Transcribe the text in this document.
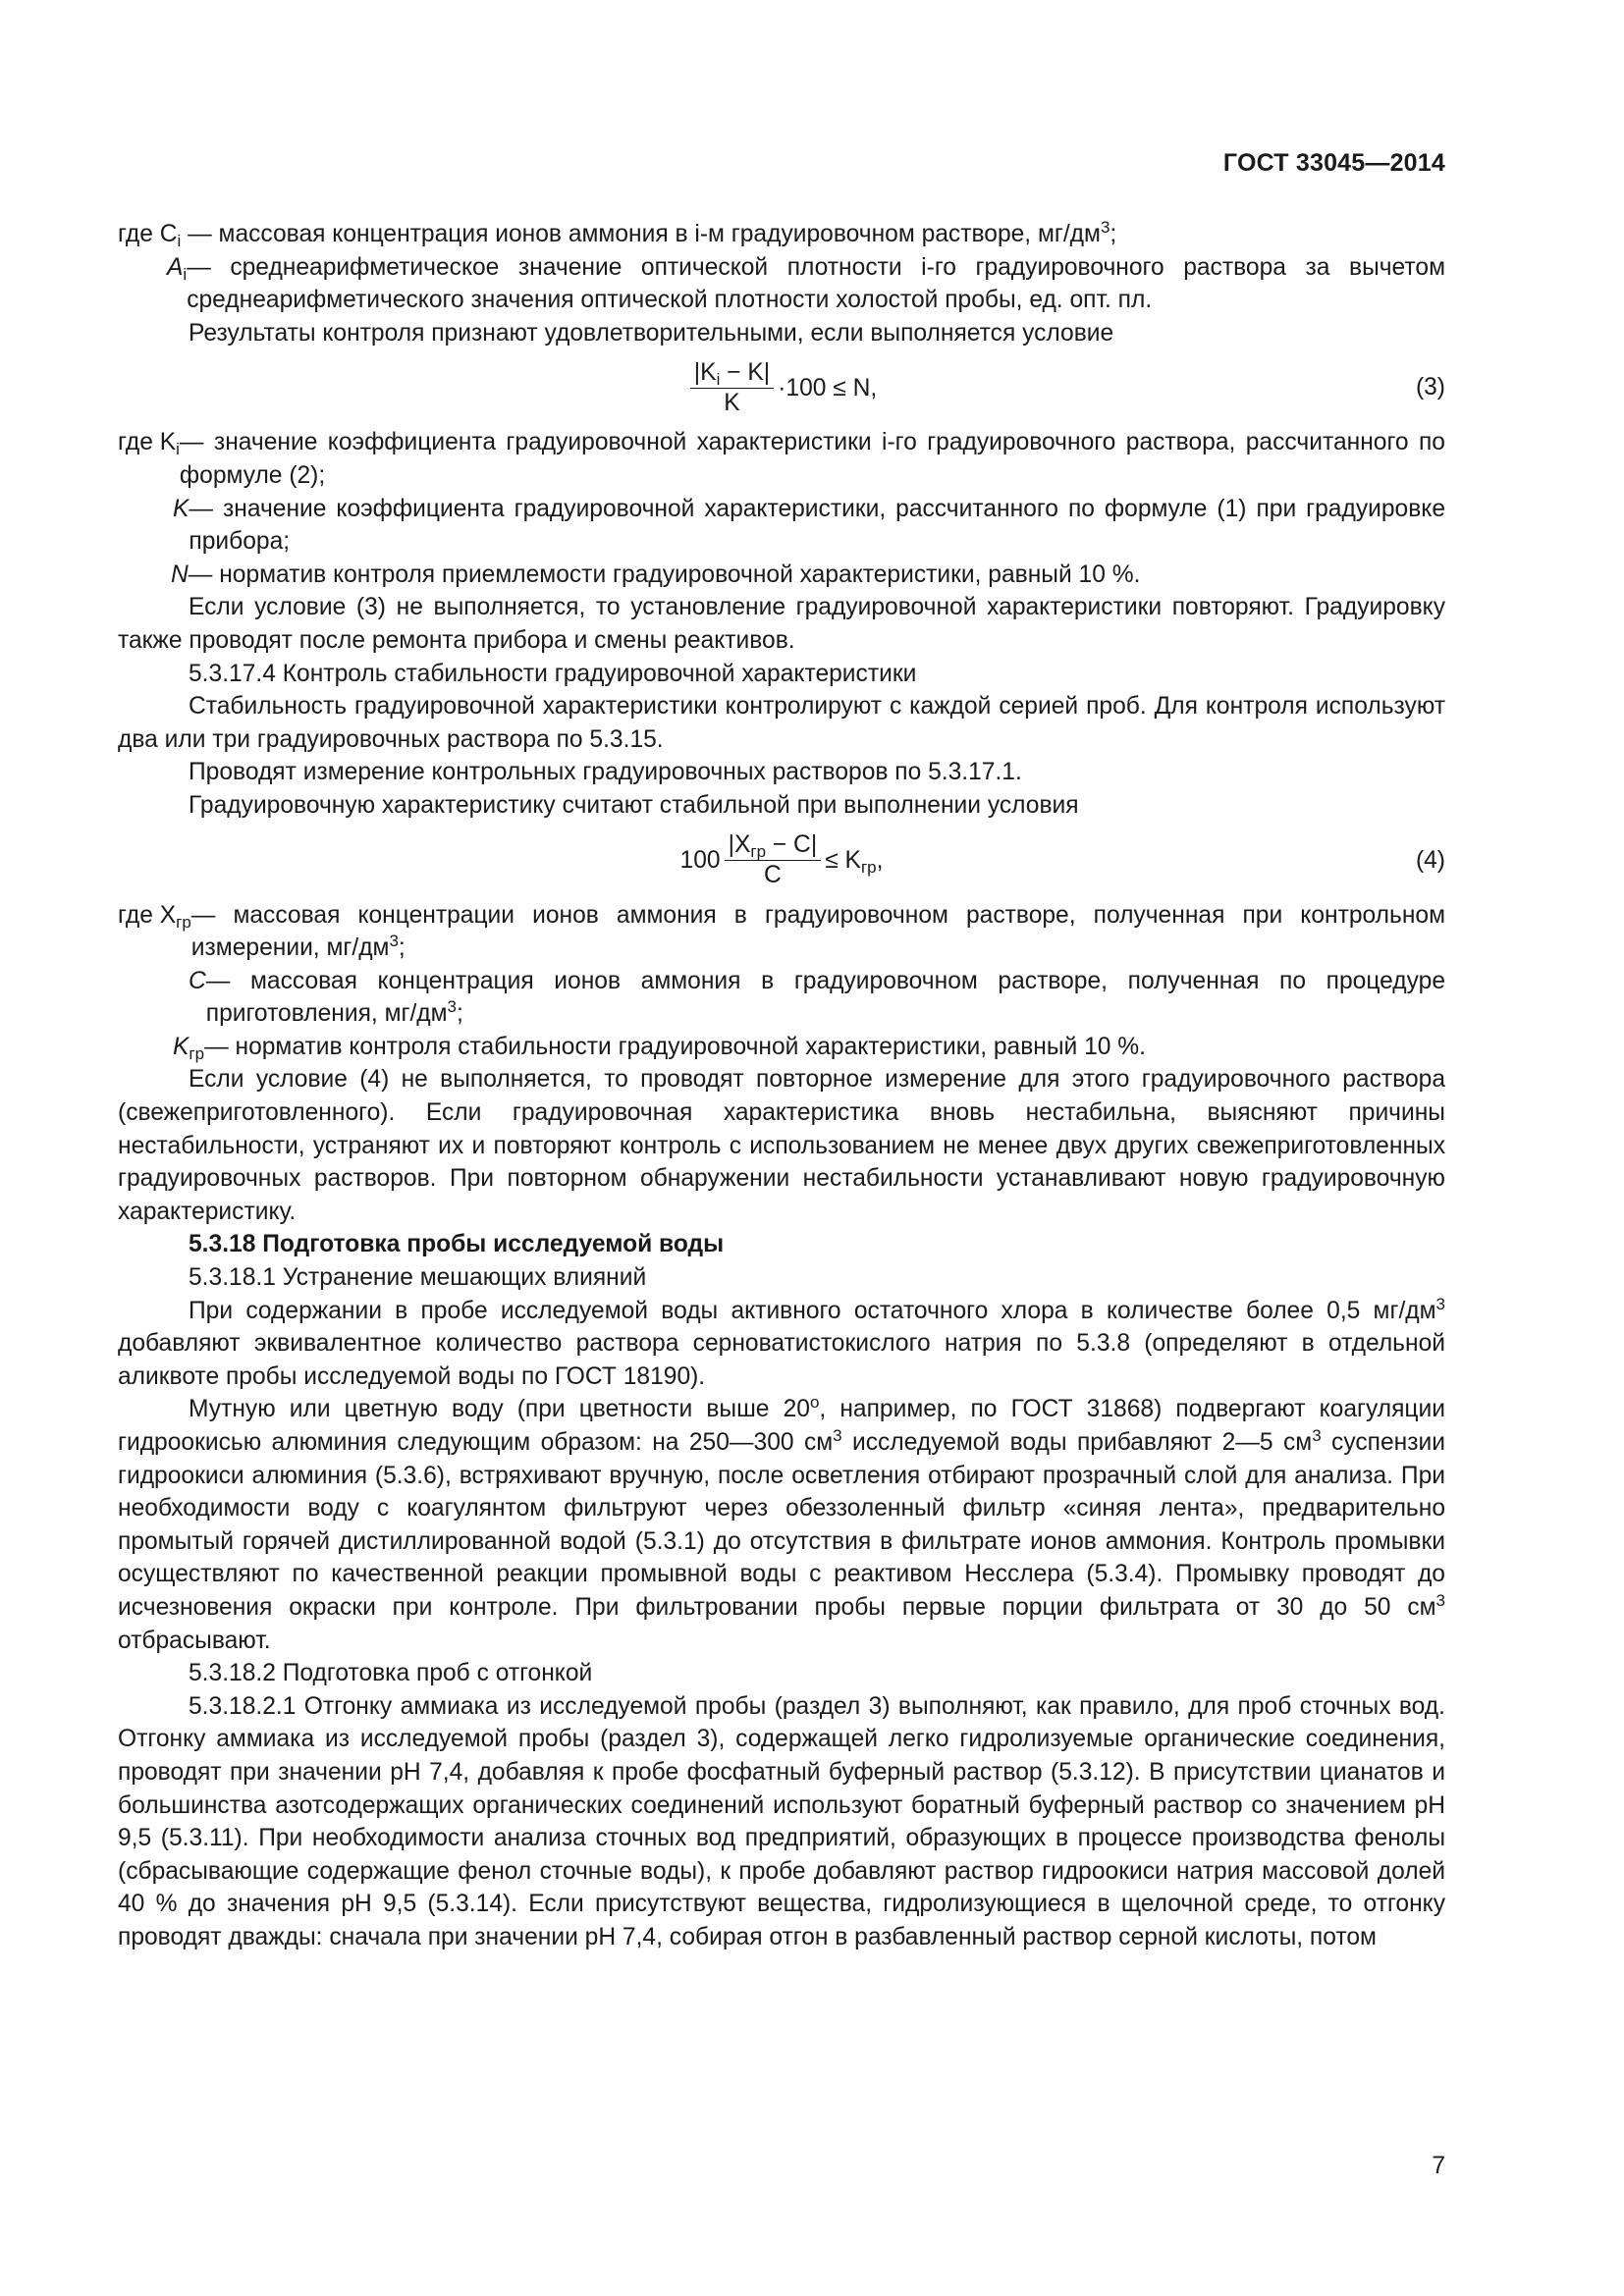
ГОСТ 33045—2014

где $C_i$ — массовая концентрация ионов аммония в i-м градуировочном растворе, $мг/дм^3$;

$A_i$ — среднеарифметическое значение оптической плотности i-го градуировочного раствора за вычетом среднеарифметического значения оптической плотности холостой пробы, ед. опт. пл.

Результаты контроля признают удовлетворительными, если выполняется условие

$\frac{|K_i - K|}{K} \cdot 100 \le N$,	(3)
где $K_i$ — значение коэффициента градуировочной характеристики i-го градуировочного раствора, рассчитанного по формуле (2);
K — значение коэффициента градуировочной характеристики, рассчитанного по формуле (1) при градуировке прибора;
N — норматив контроля приемлемости градуировочной характеристики, равный 10 %.

Если условие (3) не выполняется, то установление градуировочной характеристики повторяют. Градуировку также проводят после ремонта прибора и смены реактивов.

5.3.17.4 Контроль стабильности градуировочной характеристики

Стабильность градуировочной характеристики контролируют с каждой серией проб. Для контроля используют два или три градуировочных раствора по 5.3.15.

Проводят измерение контрольных градуировочных растворов по 5.3.17.1.

Градуировочную характеристику считают стабильной при выполнении условия

$100 \frac{|X_{гр} - C|}{C} \le K_{гр}$,	(4)
где $X_{гр}$ — массовая концентрации ионов аммония в градуировочном растворе, полученная при контрольном измерении, $мг/дм^3$;
C — массовая концентрация ионов аммония в градуировочном растворе, полученная по процедуре приготовления, $мг/дм^3$;
$K_{гр}$ — норматив контроля стабильности градуировочной характеристики, равный 10 %.

Если условие (4) не выполняется, то проводят повторное измерение для этого градуировочного раствора (свежеприготовленного). Если градуировочная характеристика вновь нестабильна, выясняют причины нестабильности, устраняют их и повторяют контроль с использованием не менее двух других свежеприготовленных градуировочных растворов. При повторном обнаружении нестабильности устанавливают новую градуировочную характеристику.

5.3.18 Подготовка пробы исследуемой воды

5.3.18.1 Устранение мешающих влияний

При содержании в пробе исследуемой воды активного остаточного хлора в количестве более 0,5 $мг/дм^3$ добавляют эквивалентное количество раствора серноватистокислого натрия по 5.3.8 (определяют в отдельной аликвоте пробы исследуемой воды по ГОСТ 18190).

Мутную или цветную воду (при цветности выше $20^о$, например, по ГОСТ 31868) подвергают коагуляции гидроокисью алюминия следующим образом: на 250—300 $см^3$ исследуемой воды прибавляют 2—5 $см^3$ суспензии гидроокиси алюминия (5.3.6), встряхивают вручную, после осветления отбирают прозрачный слой для анализа. При необходимости воду с коагулянтом фильтруют через обеззоленный фильтр «синяя лента», предварительно промытый горячей дистиллированной водой (5.3.1) до отсутствия в фильтрате ионов аммония. Контроль промывки осуществляют по качественной реакции промывной воды с реактивом Несслера (5.3.4). Промывку проводят до исчезновения окраски при контроле. При фильтровании пробы первые порции фильтрата от 30 до 50 $см^3$ отбрасывают.

5.3.18.2 Подготовка проб с отгонкой

5.3.18.2.1 Отгонку аммиака из исследуемой пробы (раздел 3) выполняют, как правило, для проб сточных вод. Отгонку аммиака из исследуемой пробы (раздел 3), содержащей легко гидролизуемые органические соединения, проводят при значении pH 7,4, добавляя к пробе фосфатный буферный раствор (5.3.12). В присутствии цианатов и большинства азотсодержащих органических соединений используют боратный буферный раствор со значением pH 9,5 (5.3.11). При необходимости анализа сточных вод предприятий, образующих в процессе производства фенолы (сбрасывающие содержащие фенол сточные воды), к пробе добавляют раствор гидроокиси натрия массовой долей 40 % до значения pH 9,5 (5.3.14). Если присутствуют вещества, гидролизующиеся в щелочной среде, то отгонку проводят дважды: сначала при значении pH 7,4, собирая отгон в разбавленный раствор серной кислоты, потом

7
